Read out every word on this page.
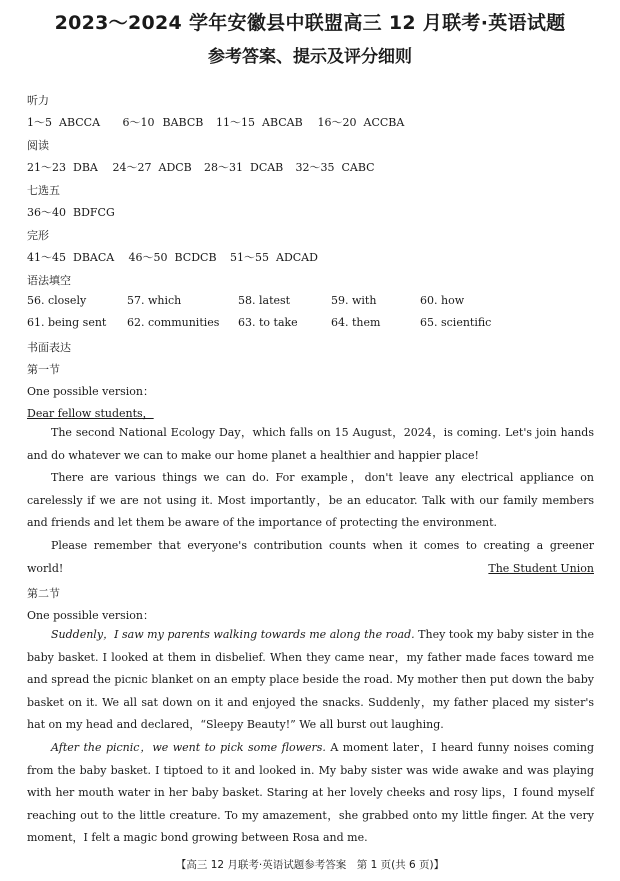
2023～2024 学年安徽县中联盟高三 12 月联考·英语试题
参考答案、提示及评分细则
听力
1～5 ABCCA 6～10 BABCB 11～15 ABCAB 16～20 ACCBA
阅读
21～23 DBA 24～27 ADCB 28～31 DCAB 32～35 CABC
七选五
36～40 BDFCG
完形
41～45 DBACA 46～50 BCDCB 51～55 ADCAD
语法填空
56. closely	57. which	58. latest	59. with	60. how
61. being sent 62. communities 63. to take	64. them	65. scientific
书面表达
第一节
One possible version：
Dear fellow students，
The second National Ecology Day，which falls on 15 August，2024，is coming. Let's join hands and do whatever we can to make our home planet a healthier and happier place!
There are various things we can do. For example，don't leave any electrical appliance on carelessly if we are not using it. Most importantly，be an educator. Talk with our family members and friends and let them be aware of the importance of protecting the environment.
Please remember that everyone's contribution counts when it comes to creating a greener world!	The Student Union
第二节
One possible version：
Suddenly，I saw my parents walking towards me along the road. They took my baby sister in the baby basket. I looked at them in disbelief. When they came near，my father made faces toward me and spread the picnic blanket on an empty place beside the road. My mother then put down the baby basket on it. We all sat down on it and enjoyed the snacks. Suddenly，my father placed my sister's hat on my head and declared，“Sleepy Beauty!” We all burst out laughing.
After the picnic，we went to pick some flowers. A moment later，I heard funny noises coming from the baby basket. I tiptoed to it and looked in. My baby sister was wide awake and was playing with her mouth water in her baby basket. Staring at her lovely cheeks and rosy lips，I found myself reaching out to the little creature. To my amazement，she grabbed onto my little finger. At the very moment，I felt a magic bond growing between Rosa and me.
【高三 12 月联考·英语试题参考答案　第 1 页(共 6 页)】
